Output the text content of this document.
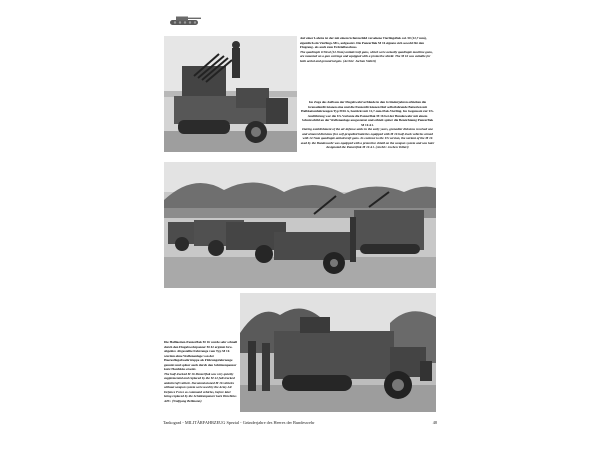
Auf einer Lafette ist der mit einem Schutzschild versehene Vierlingsflak cal. 50 (12,7 mm), eigentlich ein Vierlings-MG, aufgesetzt. Die Panzerflak M 16 eignete sich sowohl für den Flugzeug- als auch zum Erdzielbeschuss.
The quadruple 0.50cal (12.7mm) antiaircraft guns, which were actually quadruple machine guns, are mounted on a gun carriage and equipped with a protective shield. The M 16 was suitable for both aerial and ground targets. (Archiv: Jochen Vollert)
Im Zuge des Aufbaus der Flugabwehrverbände in den Gründerjahren erhielten die Grenadierdivisionen eine und die Panzerdivisionen fünf selbstfahrende Batterien mit Halbkettenfahrzeugen Typ M16 A, bestückt mit 12,7-mm-Flak-Vierling. Im Gegensatz zur US-Ausführung war die US-Variante die Panzerflak M 16 bei der Bundeswehr mit einem Schutzschild an der Waffenanlage ausgestattet und erhielt später die Bezeichnung Panzerflak M 16 A1.
During establishment of the air defense units in the early years, grenadier divisions received one and armored divisions five self-propelled batteries equipped with M 16 half-track vehicles armed with 12.7mm quadruple antiaircraft guns. In contrast to the US version, the variant of the M 16 used by the Bundeswehr was equipped with a protective shield on the weapon system and was later designated the Panzerflak M 16 A1. (Archiv: Jochen Vollert)
Die Halbketten-Panzerflak M 16 wurde sehr schnell durch den Flugabwehrpanzer M 42 ergänzt bzw. abgelöst. Abgestellte Fahrzeuge vom Typ M 16 wurden ohne Waffenanlage von der Heeresflugabwehrtruppe als Führungsfahrzeuge genutzt und später auch durch den Schützenpanzer kurz Hotchkiss ersetzt.
The half-tracked M 16 Panzerflak was very quickly supplemented and replaced by the M 42 full-tracked antiaircraft vehicle. Decommissioned M 16 vehicles without weapon system were used by the Army Air Defence Force as command vehicles, before later being replaced by the Schützenpanzer kurz Hotchkiss APC. (Wolfgang Bellmann)
Tankograd - MILITÄRFAHRZEUG Spezial - Gründerjahre des Heeres der Bundeswehr	48
